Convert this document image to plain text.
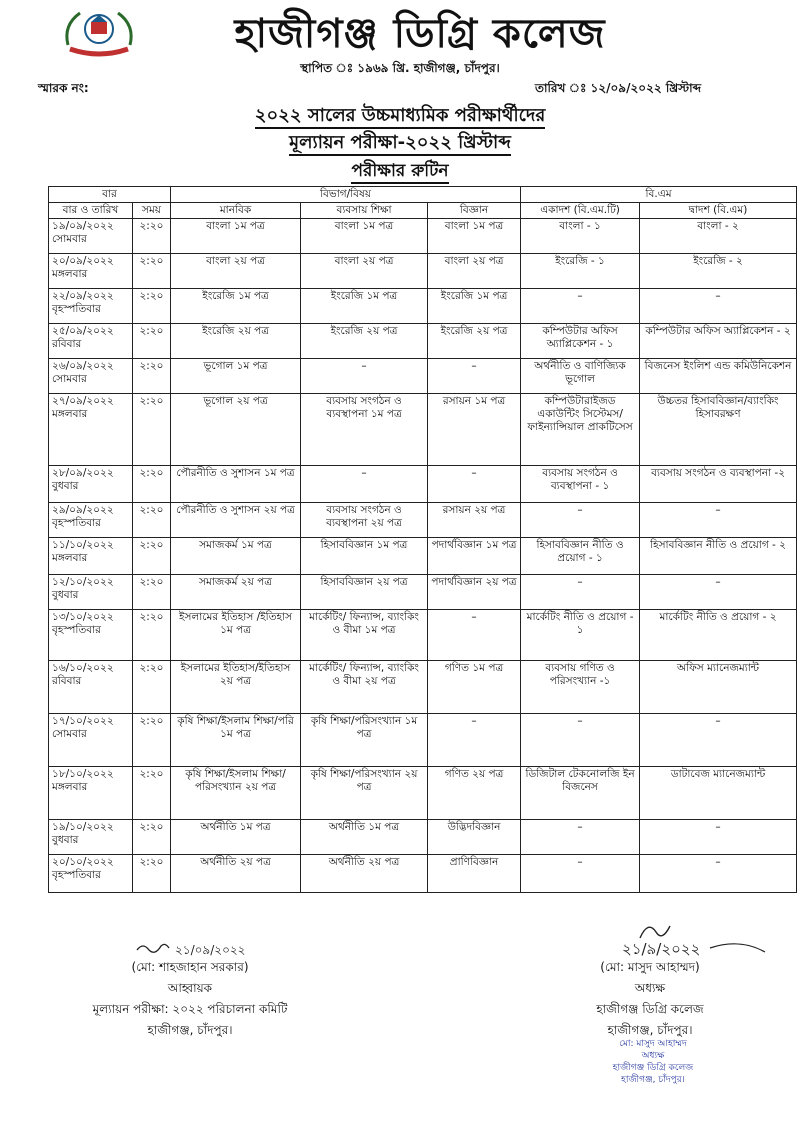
হাজীগঞ্জ ডিগ্রি কলেজ
স্থাপিত ঃ ১৯৬৯ খ্রি. হাজীগঞ্জ, চাঁদপুর।
স্মারক নং:	তারিখ ঃ ১২/০৯/২০২২ খ্রিস্টাব্দ
২০২২ সালের উচ্চমাধ্যমিক পরীক্ষার্থীদের
মূল্যায়ন পরীক্ষা-২০২২ খ্রিস্টাব্দ
পরীক্ষার রুটিন
বার		বিভাগ/বিষয়			বি.এম	
বার ও তারিখ	সময়	মানবিক	ব্যবসায় শিক্ষা	বিজ্ঞান	একাদশ (বি.এম.টি)	দ্বাদশ (বি.এম)

১৯/০৯/২০২২
সোমবার	২:২০	বাংলা ১ম পত্র	বাংলা ১ম পত্র	বাংলা ১ম পত্র	বাংলা - ১	বাংলা - ২

২০/০৯/২০২২
মঙ্গলবার	২:২০	বাংলা ২য় পত্র	বাংলা ২য় পত্র	বাংলা ২য় পত্র	ইংরেজি - ১	ইংরেজি - ২

২২/০৯/২০২২
বৃহস্পতিবার	২:২০	ইংরেজি ১ম পত্র	ইংরেজি ১ম পত্র	ইংরেজি ১ম পত্র	–	–

২৫/০৯/২০২২
রবিবার	২:২০	ইংরেজি ২য় পত্র	ইংরেজি ২য় পত্র	ইংরেজি ২য় পত্র	কম্পিউটার অফিস অ্যাপ্লিকেশন - ১	কম্পিউটার অফিস অ্যাপ্লিকেশন - ২

২৬/০৯/২০২২
সোমবার	২:২০	ভূগোল ১ম পত্র	–	–	অর্থনীতি ও বাণিজ্যিক ভূগোল	বিজনেস ইংলিশ এন্ড কমিউনিকেশন

২৭/০৯/২০২২
মঙ্গলবার	২:২০	ভূগোল ২য় পত্র	ব্যবসায় সংগঠন ও ব্যবস্থাপনা ১ম পত্র	রসায়ন ১ম পত্র	কম্পিউটারাইজড একাউন্টিং সিস্টেমস/ ফাইন্যান্সিয়াল প্রাকটিসেস	উচ্চতর হিসাববিজ্ঞান/ব্যাংকিং হিসাবরক্ষণ

২৮/০৯/২০২২
বুধবার	২:২০	পৌরনীতি ও সুশাসন ১ম পত্র	–	–	ব্যবসায় সংগঠন ও ব্যবস্থাপনা - ১	ব্যবসায় সংগঠন ও ব্যবস্থাপনা -২

২৯/০৯/২০২২
বৃহস্পতিবার	২:২০	পৌরনীতি ও সুশাসন ২য় পত্র	ব্যবসায় সংগঠন ও ব্যবস্থাপনা ২য় পত্র	রসায়ন ২য় পত্র	–	–

১১/১০/২০২২
মঙ্গলবার	২:২০	সমাজকর্ম ১ম পত্র	হিসাববিজ্ঞান ১ম পত্র	পদার্থবিজ্ঞান ১ম পত্র	হিসাববিজ্ঞান নীতি ও প্রয়োগ - ১	হিসাববিজ্ঞান নীতি ও প্রয়োগ - ২

১২/১০/২০২২
বুধবার	২:২০	সমাজকর্ম ২য় পত্র	হিসাববিজ্ঞান ২য় পত্র	পদার্থবিজ্ঞান ২য় পত্র	–	–

১৩/১০/২০২২
বৃহস্পতিবার	২:২০	ইসলামের ইতিহাস /ইতিহাস ১ম পত্র	মার্কেটিং/ ফিন্যান্স, ব্যাংকিং ও বীমা ১ম পত্র	–	মার্কেটিং নীতি ও প্রয়োগ - ১	মার্কেটিং নীতি ও প্রয়োগ - ২

১৬/১০/২০২২
রবিবার	২:২০	ইসলামের ইতিহাস/ইতিহাস ২য় পত্র	মার্কেটিং/ ফিন্যান্স, ব্যাংকিং ও বীমা ২য় পত্র	গণিত ১ম পত্র	ব্যবসায় গণিত ও পরিসংখ্যান -১	অফিস ম্যানেজম্যান্ট

১৭/১০/২০২২
সোমবার	২:২০	কৃষি শিক্ষা/ইসলাম শিক্ষা/পরি ১ম পত্র	কৃষি শিক্ষা/পরিসংখ্যান ১ম পত্র	–	–	–

১৮/১০/২০২২
মঙ্গলবার	২:২০	কৃষি শিক্ষা/ইসলাম শিক্ষা/পরিসংখ্যান ২য় পত্র	কৃষি শিক্ষা/পরিসংখ্যান ২য় পত্র	গণিত ২য় পত্র	ডিজিটাল টেকনোলজি ইন বিজনেস	ডাটাবেজ ম্যানেজম্যান্ট

১৯/১০/২০২২
বুধবার	২:২০	অর্থনীতি ১ম পত্র	অর্থনীতি ১ম পত্র	উদ্ভিদবিজ্ঞান	–	–

২০/১০/২০২২
বৃহস্পতিবার	২:২০	অর্থনীতি ২য় পত্র	অর্থনীতি ২য় পত্র	প্রাণিবিজ্ঞান	–	–
২১/০৯/২০২২
(মো: শাহজাহান সরকার)
আহ্বায়ক
মূল্যায়ন পরীক্ষা: ২০২২ পরিচালনা কমিটি
হাজীগঞ্জ, চাঁদপুর।
২১/৯/২০২২
(মো: মাসুদ আহাম্মদ)
অধ্যক্ষ
হাজীগঞ্জ ডিগ্রি কলেজ
হাজীগঞ্জ, চাঁদপুর।
মো: মাসুদ আহাম্মদ
অধ্যক্ষ
হাজীগঞ্জ ডিগ্রি কলেজ
হাজীগঞ্জ, চাঁদপুর।
